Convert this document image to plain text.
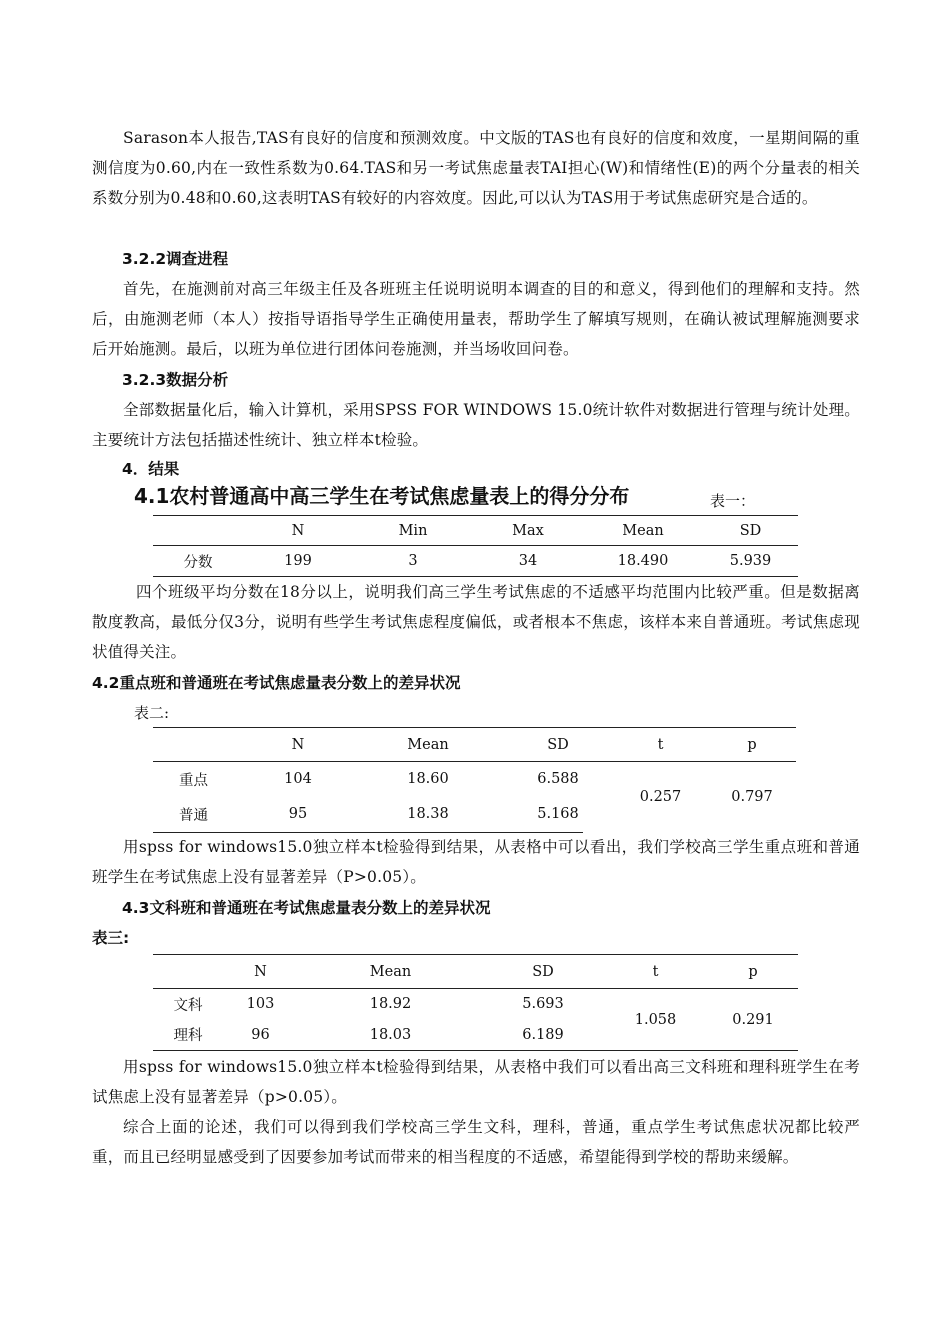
Sarason本人报告,TAS有良好的信度和预测效度。中文版的TAS也有良好的信度和效度，一星期间隔的重测信度为0.60,内在一致性系数为0.64.TAS和另一考试焦虑量表TAI担心(W)和情绪性(E)的两个分量表的相关系数分别为0.48和0.60,这表明TAS有较好的内容效度。因此,可以认为TAS用于考试焦虑研究是合适的。

3.2.2调查进程

首先，在施测前对高三年级主任及各班班主任说明说明本调查的目的和意义，得到他们的理解和支持。然后，由施测老师（本人）按指导语指导学生正确使用量表，帮助学生了解填写规则，在确认被试理解施测要求后开始施测。最后，以班为单位进行团体问卷施测，并当场收回问卷。

3.2.3数据分析

全部数据量化后，输入计算机，采用SPSS FOR WINDOWS 15.0统计软件对数据进行管理与统计处理。主要统计方法包括描述性统计、独立样本t检验。

4．结果

4.1农村普通高中高三学生在考试焦虑量表上的得分分布	表一：

	N	Min	Max	Mean	SD
分数	199	3	34	18.490	5.939

四个班级平均分数在18分以上，说明我们高三学生考试焦虑的不适感平均范围内比较严重。但是数据离散度教高，最低分仅3分，说明有些学生考试焦虑程度偏低，或者根本不焦虑，该样本来自普通班。考试焦虑现状值得关注。

4.2重点班和普通班在考试焦虑量表分数上的差异状况

表二:

	N	Mean	SD	t	p
重点	104	18.60	6.588	0.257	0.797
普通	95	18.38	5.168		

用spss for windows15.0独立样本t检验得到结果，从表格中可以看出，我们学校高三学生重点班和普通班学生在考试焦虑上没有显著差异（P>0.05）。

4.3文科班和普通班在考试焦虑量表分数上的差异状况

表三:

	N	Mean	SD	t	p
文科	103	18.92	5.693	1.058	0.291
理科	96	18.03	6.189		

用spss for windows15.0独立样本t检验得到结果，从表格中我们可以看出高三文科班和理科班学生在考试焦虑上没有显著差异（p>0.05）。

综合上面的论述，我们可以得到我们学校高三学生文科，理科，普通，重点学生考试焦虑状况都比较严重，而且已经明显感受到了因要参加考试而带来的相当程度的不适感，希望能得到学校的帮助来缓解。
